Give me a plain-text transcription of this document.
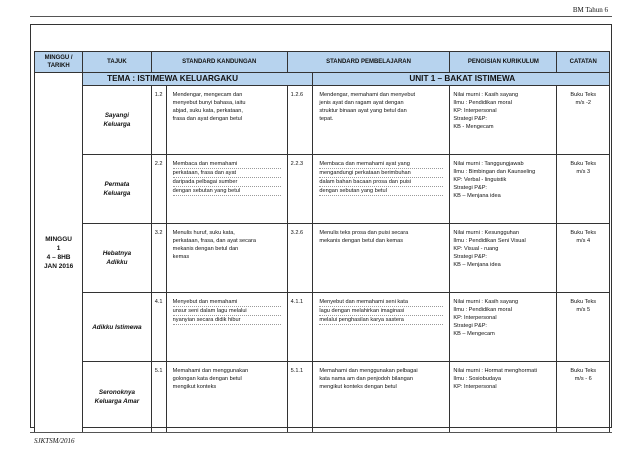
BM Tahun 6
MINGGU /
TARIKH	TAJUK	STANDARD KANDUNGAN		STANDARD PEMBELAJARAN		PENGISIAN KURIKULUM	CATATAN

MINGGU
1
4 – 8HB
JAN 2016	TEMA : ISTIMEWA KELUARGAKU				UNIT 1 – BAKAT ISTIMEWA		

	Sayangi
Keluarga	1.2	Mendengar, mengecam dan
menyebut bunyi bahasa, iaitu
abjad, suku kata, perkataan,
frasa dan ayat dengan betul	1.2.6	Mendengar, memahami dan menyebut
jenis ayat dan ragam ayat dengan
struktur binaan ayat yang betul dan
tepat.	Nilai murni : Kasih sayang
Ilmu : Pendidikan moral
KP: Interpersonal
Strategi P&P:
KB - Mengecam	Buku Teks
m/s -2

	Permata
Keluarga	2.2	Membaca dan memahami
perkataan, frasa dan ayat
daripada pelbagai sumber
dengan sebutan yang betul	2.2.3	Membaca dan memahami ayat yang
mengandungi perkataan berimbuhan
dalam bahan bacaan prosa dan puisi
dengan sebutan yang betul	Nilai murni : Tanggungjawab
Ilmu : Bimbingan dan Kaunseling
KP: Verbal - linguistik
Strategi P&P:
KB – Menjana idea	Buku Teks
m/s 3

	Hebatnya
Adikku	3.2	Menulis huruf, suku kata,
perkataan, frasa, dan ayat secara
mekanis dengan betul dan
kemas	3.2.6	Menulis teks prosa dan puisi secara
mekanis dengan betul dan kemas	Nilai murni : Kesungguhan
Ilmu : Pendidikan Seni Visual
KP: Visual - ruang
Strategi P&P:
KB – Menjana idea	Buku Teks
m/s 4

	Adikku Istimewa	4.1	Menyebut dan memahami
unsur seni dalam lagu melalui
nyanyian secara didik hibur	4.1.1	Menyebut dan memahami seni kata
lagu dengan melahirkan imaginasi
melalui penghasilan karya sastera	Nilai murni : Kasih sayang
Ilmu : Pendidikan moral
KP: Interpersonal
Strategi P&P:
KB – Mengecam	Buku Teks
m/s 5

	Seronoknya
Keluarga Amar	5.1	Memahami dan menggunakan
golongan kata dengan betul
mengikut konteks	5.1.1	Memahami dan menggunakan pelbagai
kata nama am dan penjodoh bilangan
mengikut konteks dengan betul	Nilai murni : Hormat menghormati
Ilmu : Sosiobudaya
KP: Interpersonal	Buku Teks
m/s - 6
SJKTSM/2016
